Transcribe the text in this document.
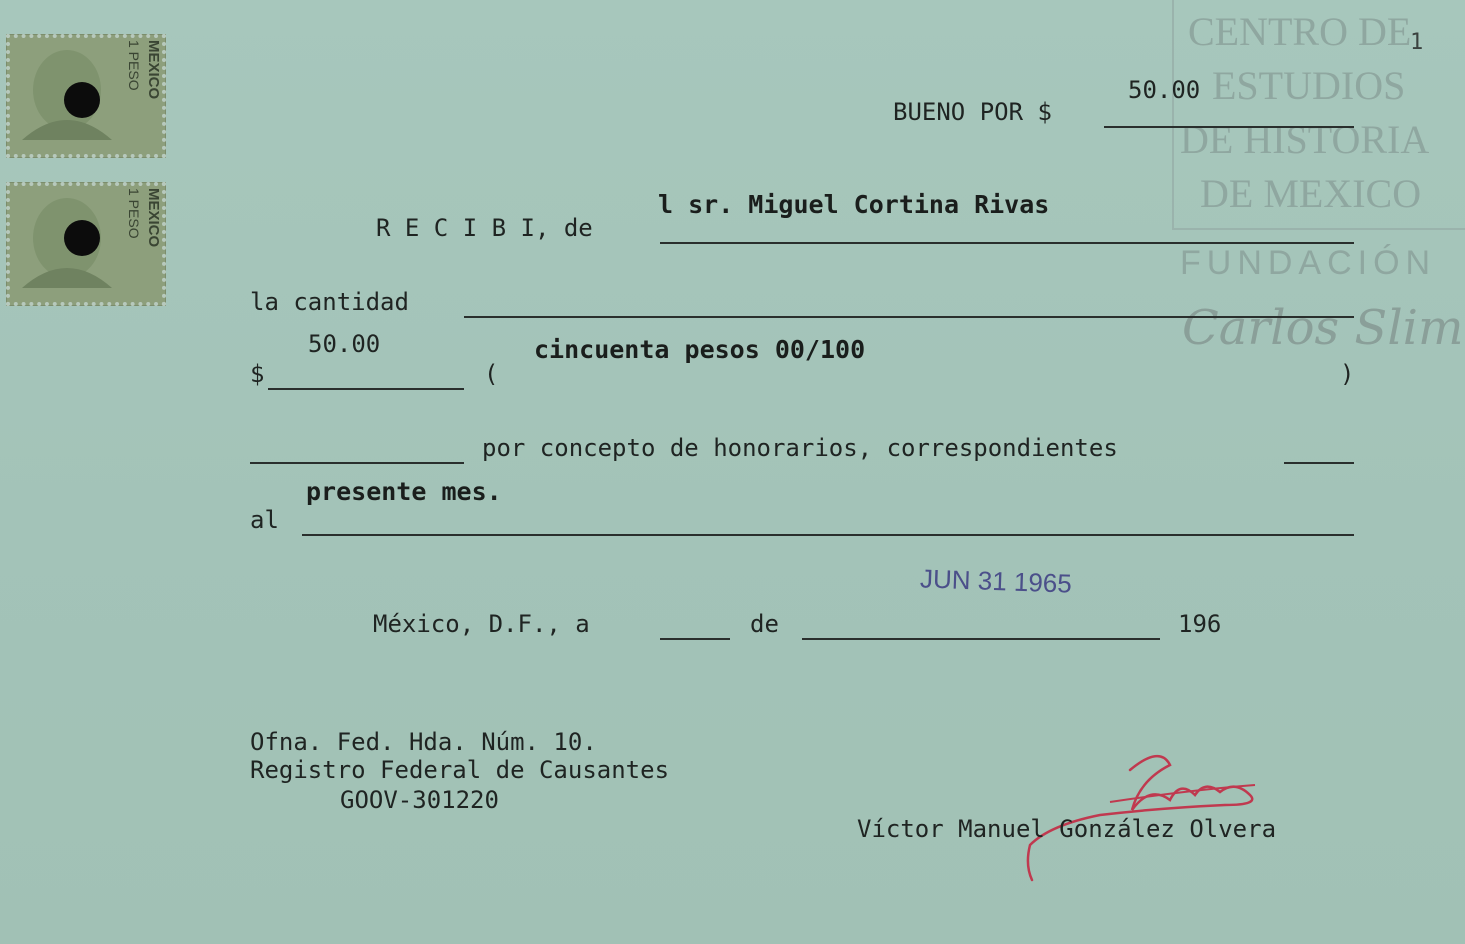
CENTRO DE
ESTUDIOS
DE HISTORIA
DE MEXICO
FUNDACIÓN
Carlos Slim
1
MEXICO
1 PESO
MEXICO
1 PESO
BUENO POR $
50.00
R E C I B I, de
l sr. Miguel Cortina Rivas
la cantidad
50.00	cincuenta pesos 00/100
$	(	)
por concepto de honorarios, correspondientes
presente mes.
al
JUN 31 1965
México, D.F., a	de	196
Ofna. Fed. Hda. Núm. 10.
Registro Federal de Causantes
GOOV-301220
Víctor Manuel González Olvera
